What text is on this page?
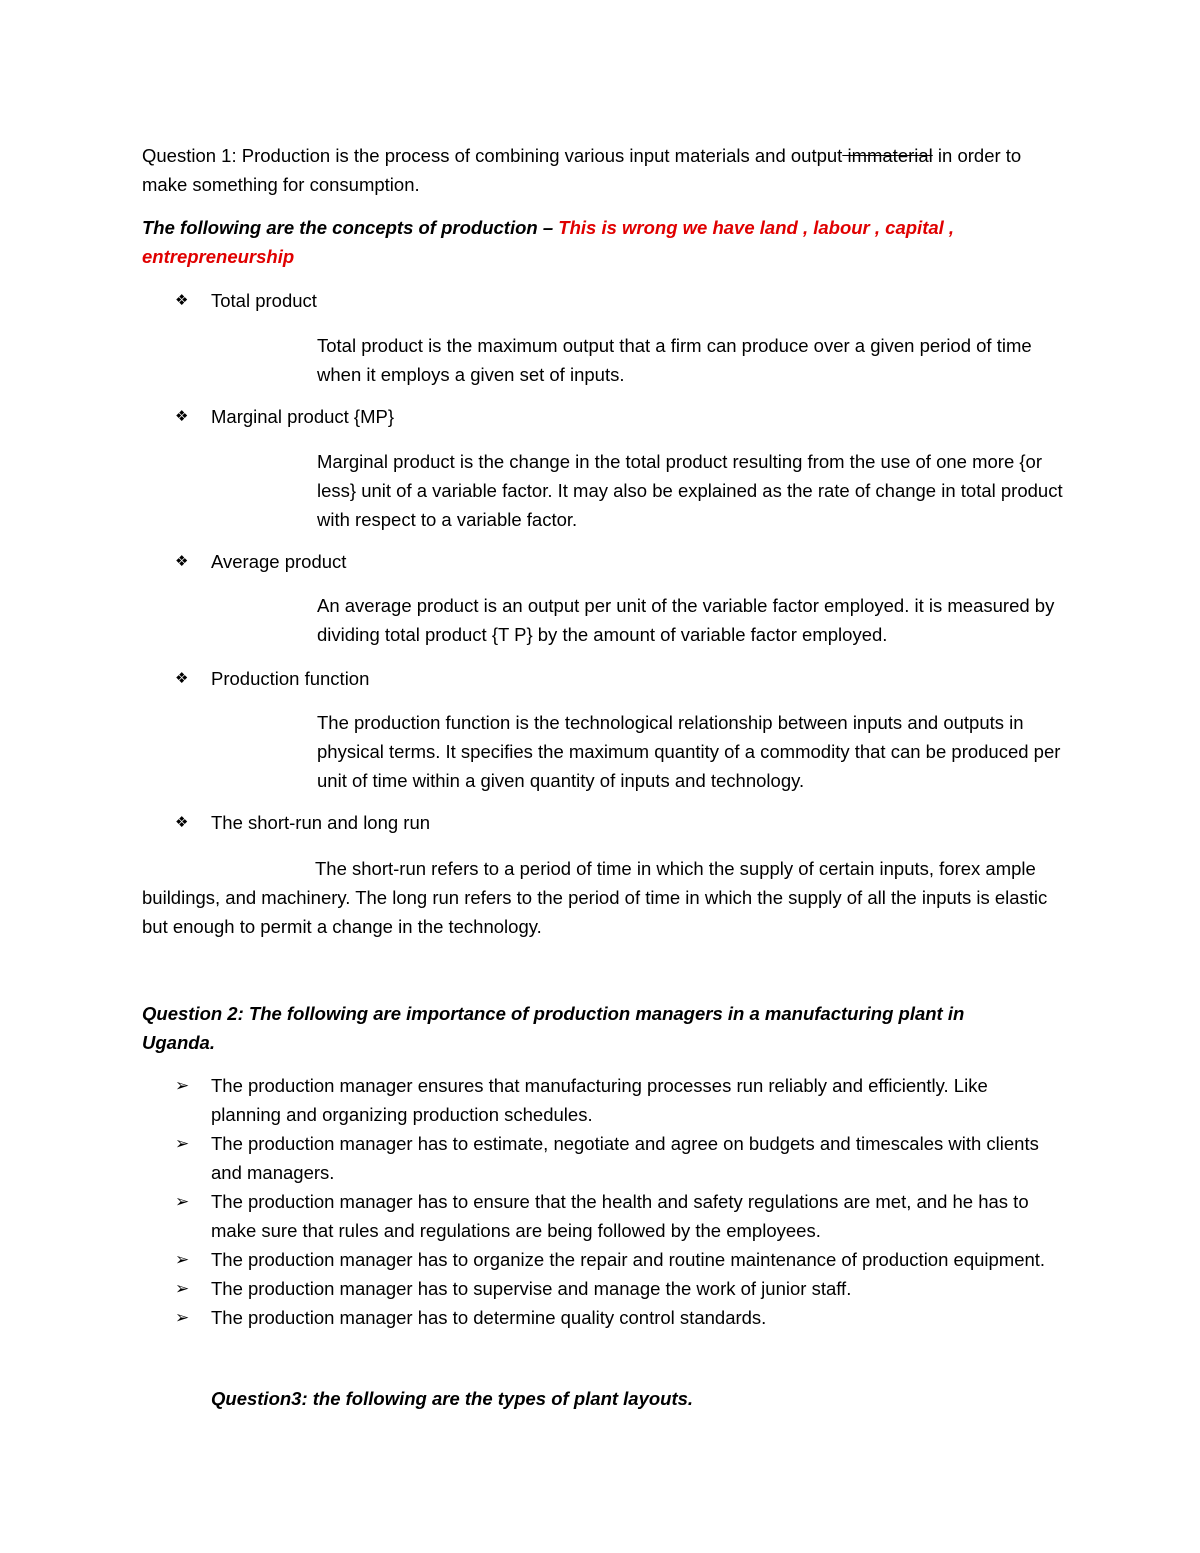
Question 1: Production is the process of combining various input materials and output immaterial in order to make something for consumption.

The following are the concepts of production – This is wrong we have land , labour , capital , entrepreneurship

❖ Total product

Total product is the maximum output that a firm can produce over a given period of time when it employs a given set of inputs.

❖ Marginal product {MP}

Marginal product is the change in the total product resulting from the use of one more {or less} unit of a variable factor. It may also be explained as the rate of change in total product with respect to a variable factor.

❖ Average product

An average product is an output per unit of the variable factor employed. it is measured by dividing total product {T P} by the amount of variable factor employed.

❖ Production function

The production function is the technological relationship between inputs and outputs in physical terms. It specifies the maximum quantity of a commodity that can be produced per unit of time within a given quantity of inputs and technology.

❖ The short-run and long run

The short-run refers to a period of time in which the supply of certain inputs, forex ample buildings, and machinery. The long run refers to the period of time in which the supply of all the inputs is elastic but enough to permit a change in the technology.

Question 2: The following are importance of production managers in a manufacturing plant in Uganda.

➢ The production manager ensures that manufacturing processes run reliably and efficiently. Like planning and organizing production schedules.
➢ The production manager has to estimate, negotiate and agree on budgets and timescales with clients and managers.
➢ The production manager has to ensure that the health and safety regulations are met, and he has to make sure that rules and regulations are being followed by the employees.
➢ The production manager has to organize the repair and routine maintenance of production equipment.
➢ The production manager has to supervise and manage the work of junior staff.
➢ The production manager has to determine quality control standards.

Question3: the following are the types of plant layouts.
